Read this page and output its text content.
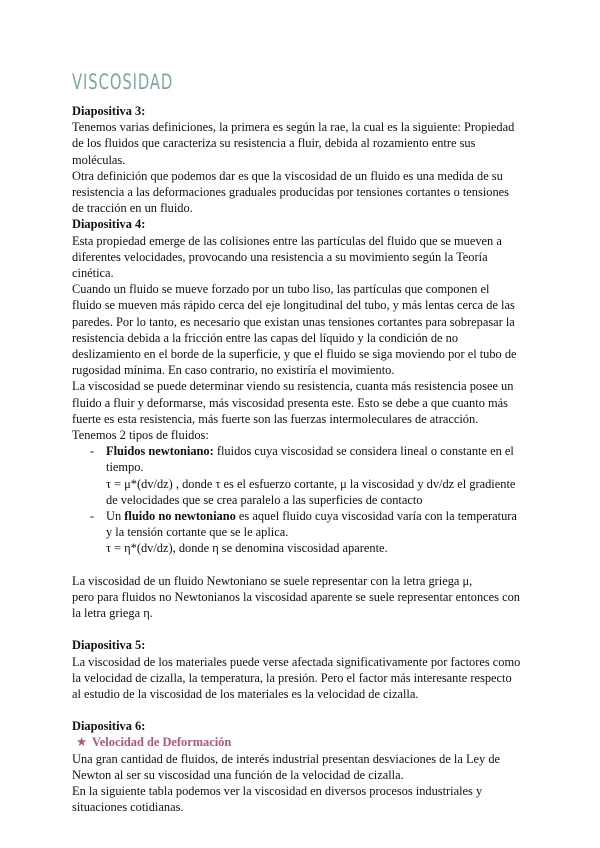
VISCOSIDAD

Diapositiva 3:

Tenemos varias definiciones, la primera es según la rae, la cual es la siguiente: Propiedad de los fluidos que caracteriza su resistencia a fluir, debida al rozamiento entre sus moléculas.

Otra definición que podemos dar es que la viscosidad de un fluido es una medida de su resistencia a las deformaciones graduales producidas por tensiones cortantes o tensiones de tracción en un fluido.

Diapositiva 4:

Esta propiedad emerge de las colisiones entre las partículas del fluido que se mueven a diferentes velocidades, provocando una resistencia a su movimiento según la Teoría cinética.

Cuando un fluido se mueve forzado por un tubo liso, las partículas que componen el fluido se mueven más rápido cerca del eje longitudinal del tubo, y más lentas cerca de las paredes. Por lo tanto, es necesario que existan unas tensiones cortantes para sobrepasar la resistencia debida a la fricción entre las capas del líquido y la condición de no deslizamiento en el borde de la superficie, y que el fluido se siga moviendo por el tubo de rugosidad mínima. En caso contrario, no existiría el movimiento.

La viscosidad se puede determinar viendo su resistencia, cuanta más resistencia posee un fluido a fluir y deformarse, más viscosidad presenta este. Esto se debe a que cuanto más fuerte es esta resistencia, más fuerte son las fuerzas intermoleculares de atracción.

Tenemos 2 tipos de fluidos:

- Fluidos newtoniano: fluidos cuya viscosidad se considera lineal o constante en el tiempo.

τ = μ*(dv/dz) , donde τ es el esfuerzo cortante, μ la viscosidad y dv/dz el gradiente de velocidades que se crea paralelo a las superficies de contacto

- Un fluido no newtoniano es aquel fluido cuya viscosidad varía con la temperatura y la tensión cortante que se le aplica.

τ = η*(dv/dz), donde η se denomina viscosidad aparente.

La viscosidad de un fluido Newtoniano se suele representar con la letra griega μ,

pero para fluidos no Newtonianos la viscosidad aparente se suele representar entonces con la letra griega η.

Diapositiva 5:

La viscosidad de los materiales puede verse afectada significativamente por factores como la velocidad de cizalla, la temperatura, la presión. Pero el factor más interesante respecto al estudio de la viscosidad de los materiales es la velocidad de cizalla.

Diapositiva 6:

★ Velocidad de Deformación

Una gran cantidad de fluidos, de interés industrial presentan desviaciones de la Ley de Newton al ser su viscosidad una función de la velocidad de cizalla.

En la siguiente tabla podemos ver la viscosidad en diversos procesos industriales y situaciones cotidianas.
